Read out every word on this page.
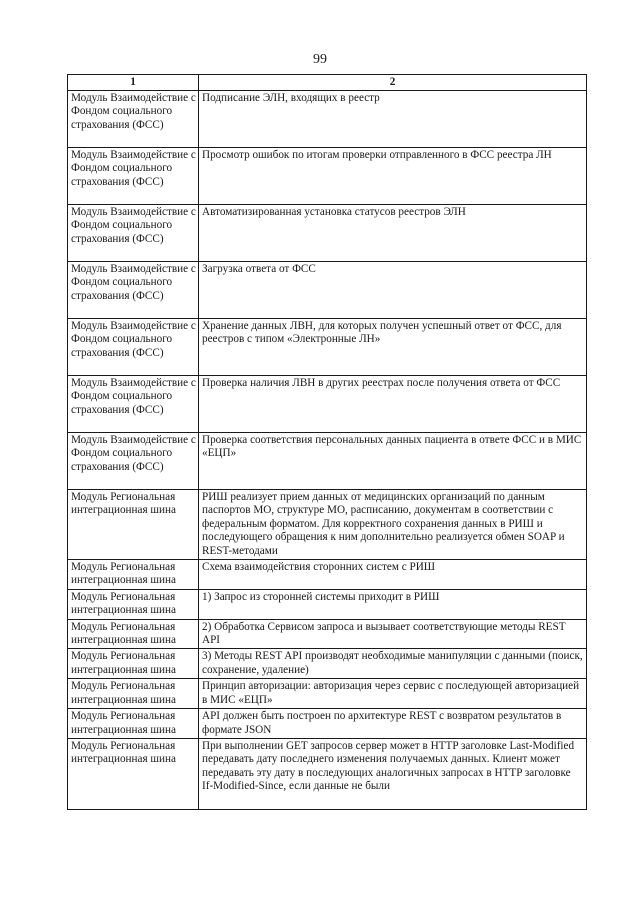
99
1	2
Модуль Взаимодействие с Фондом социального страхования (ФСС)	Подписание ЭЛН, входящих в реестр
Модуль Взаимодействие с Фондом социального страхования (ФСС)	Просмотр ошибок по итогам проверки отправленного в ФСС реестра ЛН
Модуль Взаимодействие с Фондом социального страхования (ФСС)	Автоматизированная установка статусов реестров ЭЛН
Модуль Взаимодействие с Фондом социального страхования (ФСС)	Загрузка ответа от ФСС
Модуль Взаимодействие с Фондом социального страхования (ФСС)	Хранение данных ЛВН, для которых получен успешный ответ от ФСС, для реестров с типом «Электронные ЛН»
Модуль Взаимодействие с Фондом социального страхования (ФСС)	Проверка наличия ЛВН в других реестрах после получения ответа от ФСС
Модуль Взаимодействие с Фондом социального страхования (ФСС)	Проверка соответствия персональных данных пациента в ответе ФСС и в МИС «ЕЦП»
Модуль Региональная интеграционная шина	РИШ реализует прием данных от медицинских организаций по данным паспортов МО, структуре МО, расписанию, документам в соответствии с федеральным форматом. Для корректного сохранения данных в РИШ и последующего обращения к ним дополнительно реализуется обмен SOAP и REST-методами
Модуль Региональная интеграционная шина	Схема взаимодействия сторонних систем с РИШ
Модуль Региональная интеграционная шина	1) Запрос из сторонней системы приходит в РИШ
Модуль Региональная интеграционная шина	2) Обработка Сервисом запроса и вызывает соответствующие методы REST API
Модуль Региональная интеграционная шина	3) Методы REST API производят необходимые манипуляции с данными (поиск, сохранение, удаление)
Модуль Региональная интеграционная шина	Принцип авторизации: авторизация через сервис с последующей авторизацией в МИС «ЕЦП»
Модуль Региональная интеграционная шина	API должен быть построен по архитектуре REST с возвратом результатов в формате JSON
Модуль Региональная интеграционная шина	При выполнении GET запросов сервер может в HTTP заголовке Last-Modified передавать дату последнего изменения получаемых данных. Клиент может передавать эту дату в последующих аналогичных запросах в HTTP заголовке If-Modified-Since, если данные не были
